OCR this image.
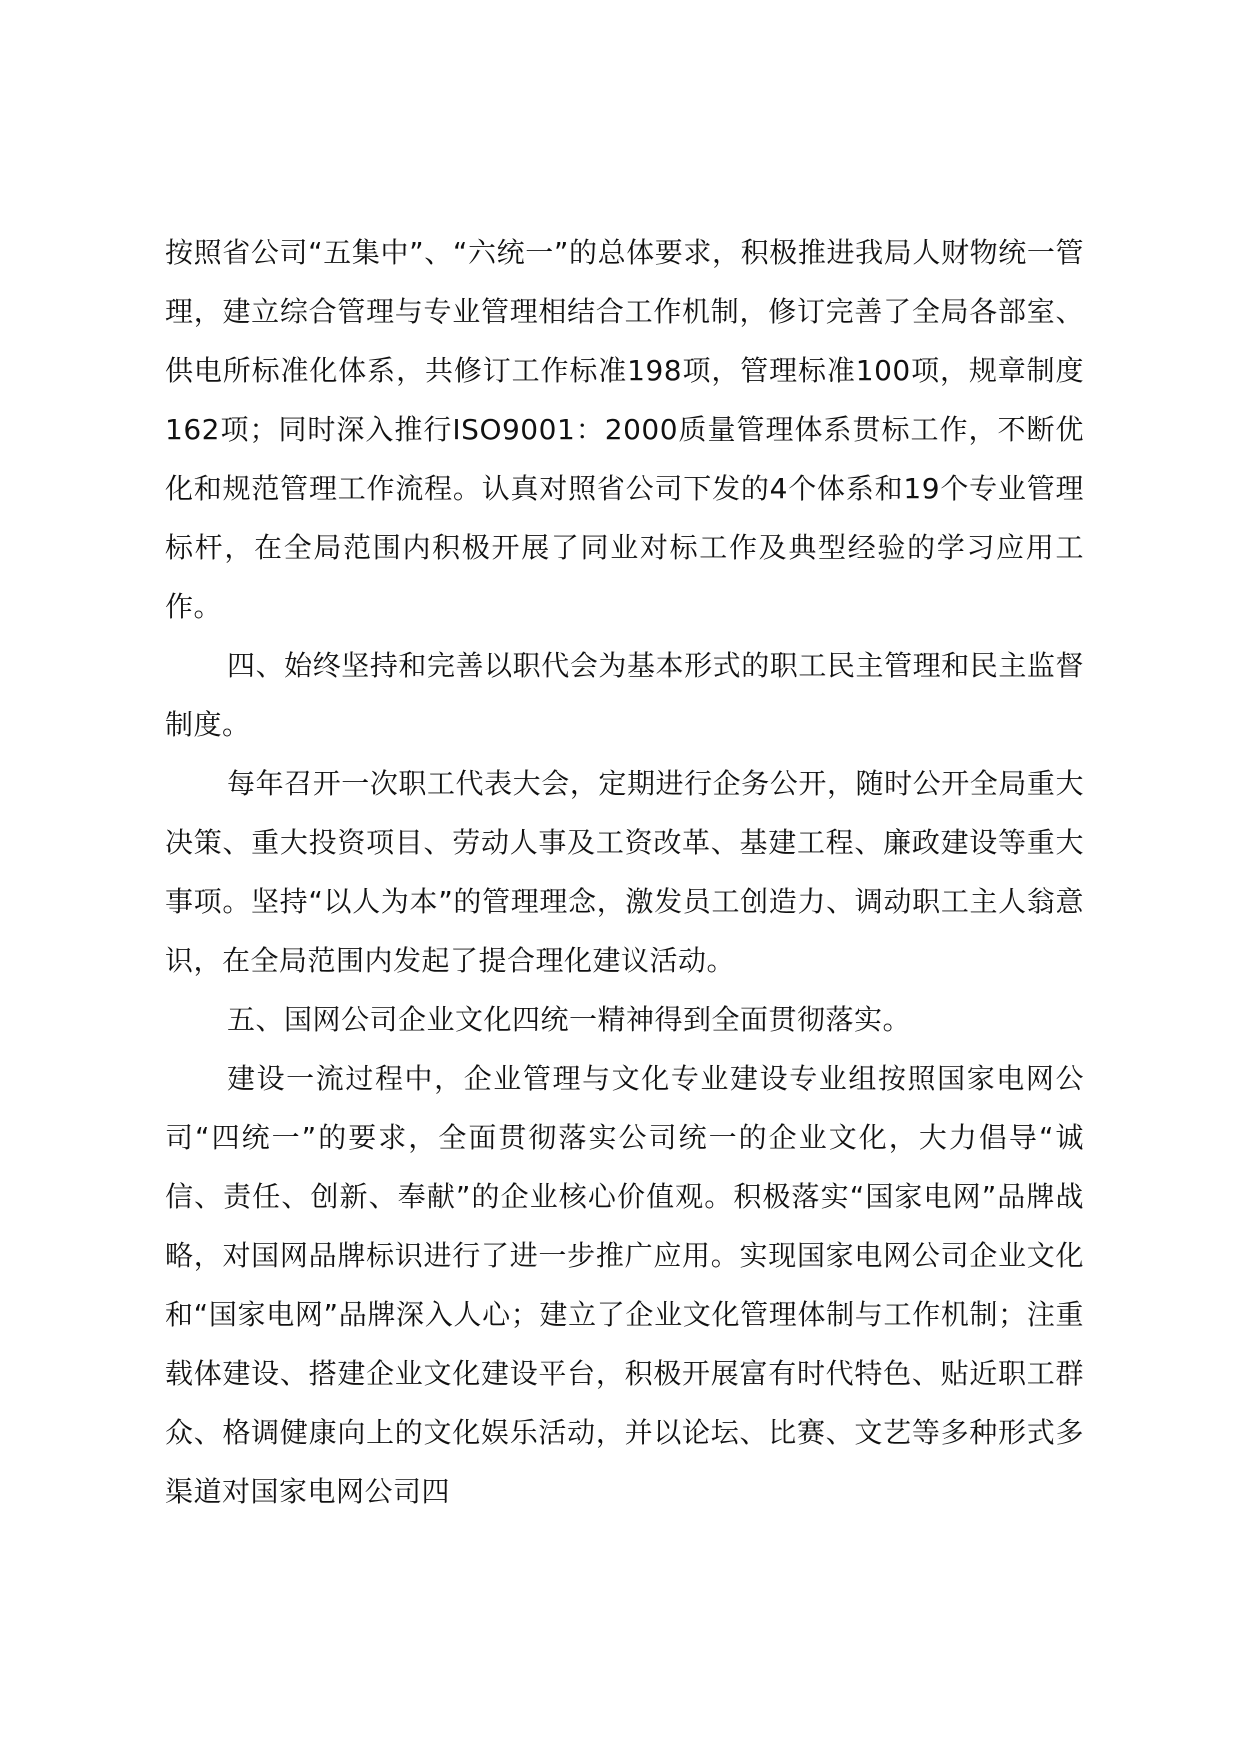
按照省公司“五集中”、“六统一”的总体要求，积极推进我局人财物统一管理，建立综合管理与专业管理相结合工作机制，修订完善了全局各部室、供电所标准化体系，共修订工作标准198项，管理标准100项，规章制度162项；同时深入推行ISO9001：2000质量管理体系贯标工作，不断优化和规范管理工作流程。认真对照省公司下发的4个体系和19个专业管理标杆，在全局范围内积极开展了同业对标工作及典型经验的学习应用工作。

四、始终坚持和完善以职代会为基本形式的职工民主管理和民主监督制度。

每年召开一次职工代表大会，定期进行企务公开，随时公开全局重大决策、重大投资项目、劳动人事及工资改革、基建工程、廉政建设等重大事项。坚持“以人为本”的管理理念，激发员工创造力、调动职工主人翁意识，在全局范围内发起了提合理化建议活动。

五、国网公司企业文化四统一精神得到全面贯彻落实。

建设一流过程中，企业管理与文化专业建设专业组按照国家电网公司“四统一”的要求，全面贯彻落实公司统一的企业文化，大力倡导“诚信、责任、创新、奉献”的企业核心价值观。积极落实“国家电网”品牌战略，对国网品牌标识进行了进一步推广应用。实现国家电网公司企业文化和“国家电网”品牌深入人心；建立了企业文化管理体制与工作机制；注重载体建设、搭建企业文化建设平台，积极开展富有时代特色、贴近职工群众、格调健康向上的文化娱乐活动，并以论坛、比赛、文艺等多种形式多渠道对国家电网公司四
